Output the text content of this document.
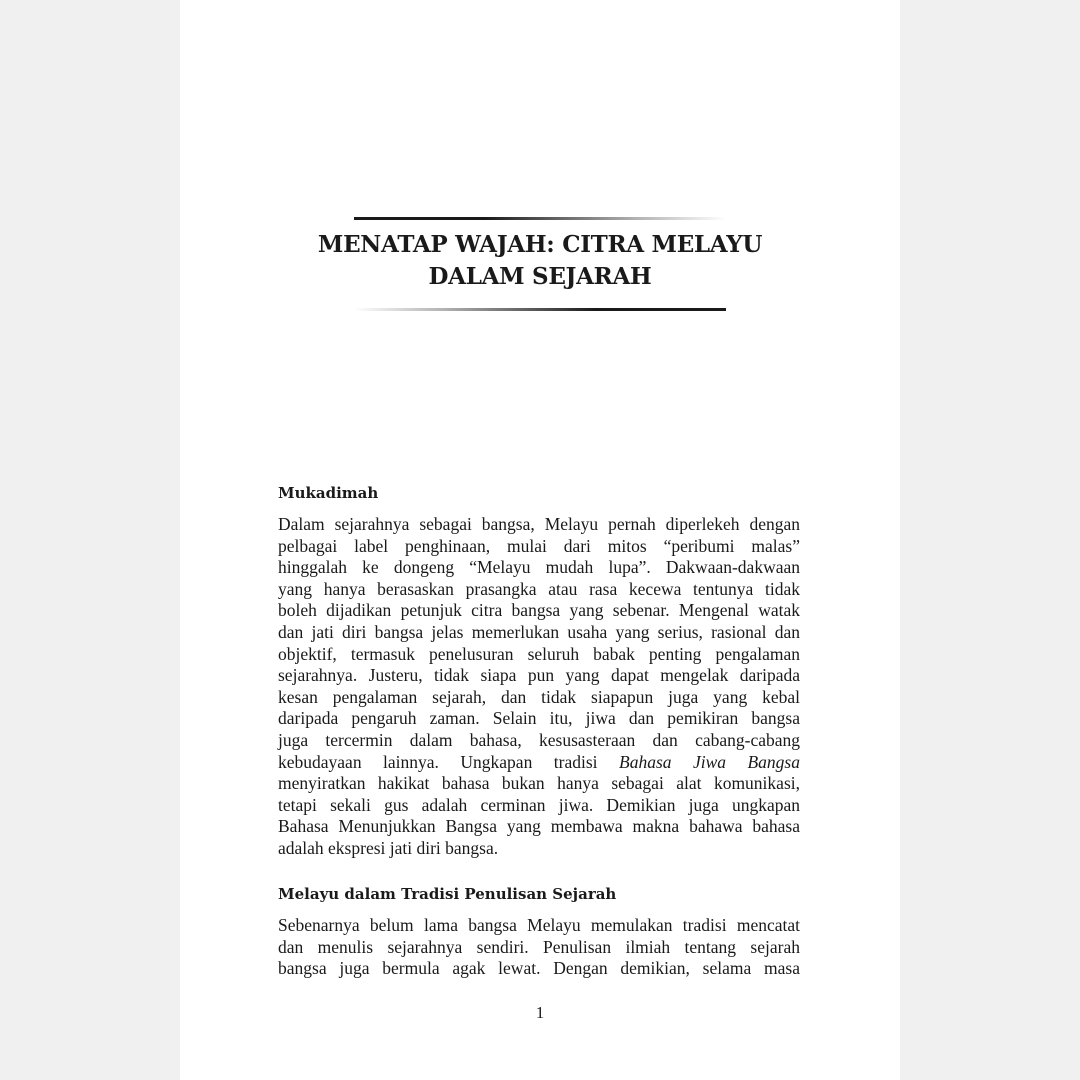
MENATAP WAJAH: CITRA MELAYU
DALAM SEJARAH
Mukadimah
Dalam sejarahnya sebagai bangsa, Melayu pernah diperlekeh dengan
pelbagai label penghinaan, mulai dari mitos “peribumi malas”
hinggalah ke dongeng “Melayu mudah lupa”. Dakwaan-dakwaan
yang hanya berasaskan prasangka atau rasa kecewa tentunya tidak
boleh dijadikan petunjuk citra bangsa yang sebenar. Mengenal watak
dan jati diri bangsa jelas memerlukan usaha yang serius, rasional dan
objektif, termasuk penelusuran seluruh babak penting pengalaman
sejarahnya. Justeru, tidak siapa pun yang dapat mengelak daripada
kesan pengalaman sejarah, dan tidak siapapun juga yang kebal
daripada pengaruh zaman. Selain itu, jiwa dan pemikiran bangsa
juga tercermin dalam bahasa, kesusasteraan dan cabang-cabang
kebudayaan lainnya. Ungkapan tradisi Bahasa Jiwa Bangsa
menyiratkan hakikat bahasa bukan hanya sebagai alat komunikasi,
tetapi sekali gus adalah cerminan jiwa. Demikian juga ungkapan
Bahasa Menunjukkan Bangsa yang membawa makna bahawa bahasa
adalah ekspresi jati diri bangsa.
Melayu dalam Tradisi Penulisan Sejarah
Sebenarnya belum lama bangsa Melayu memulakan tradisi mencatat
dan menulis sejarahnya sendiri. Penulisan ilmiah tentang sejarah
bangsa juga bermula agak lewat. Dengan demikian, selama masa
1
